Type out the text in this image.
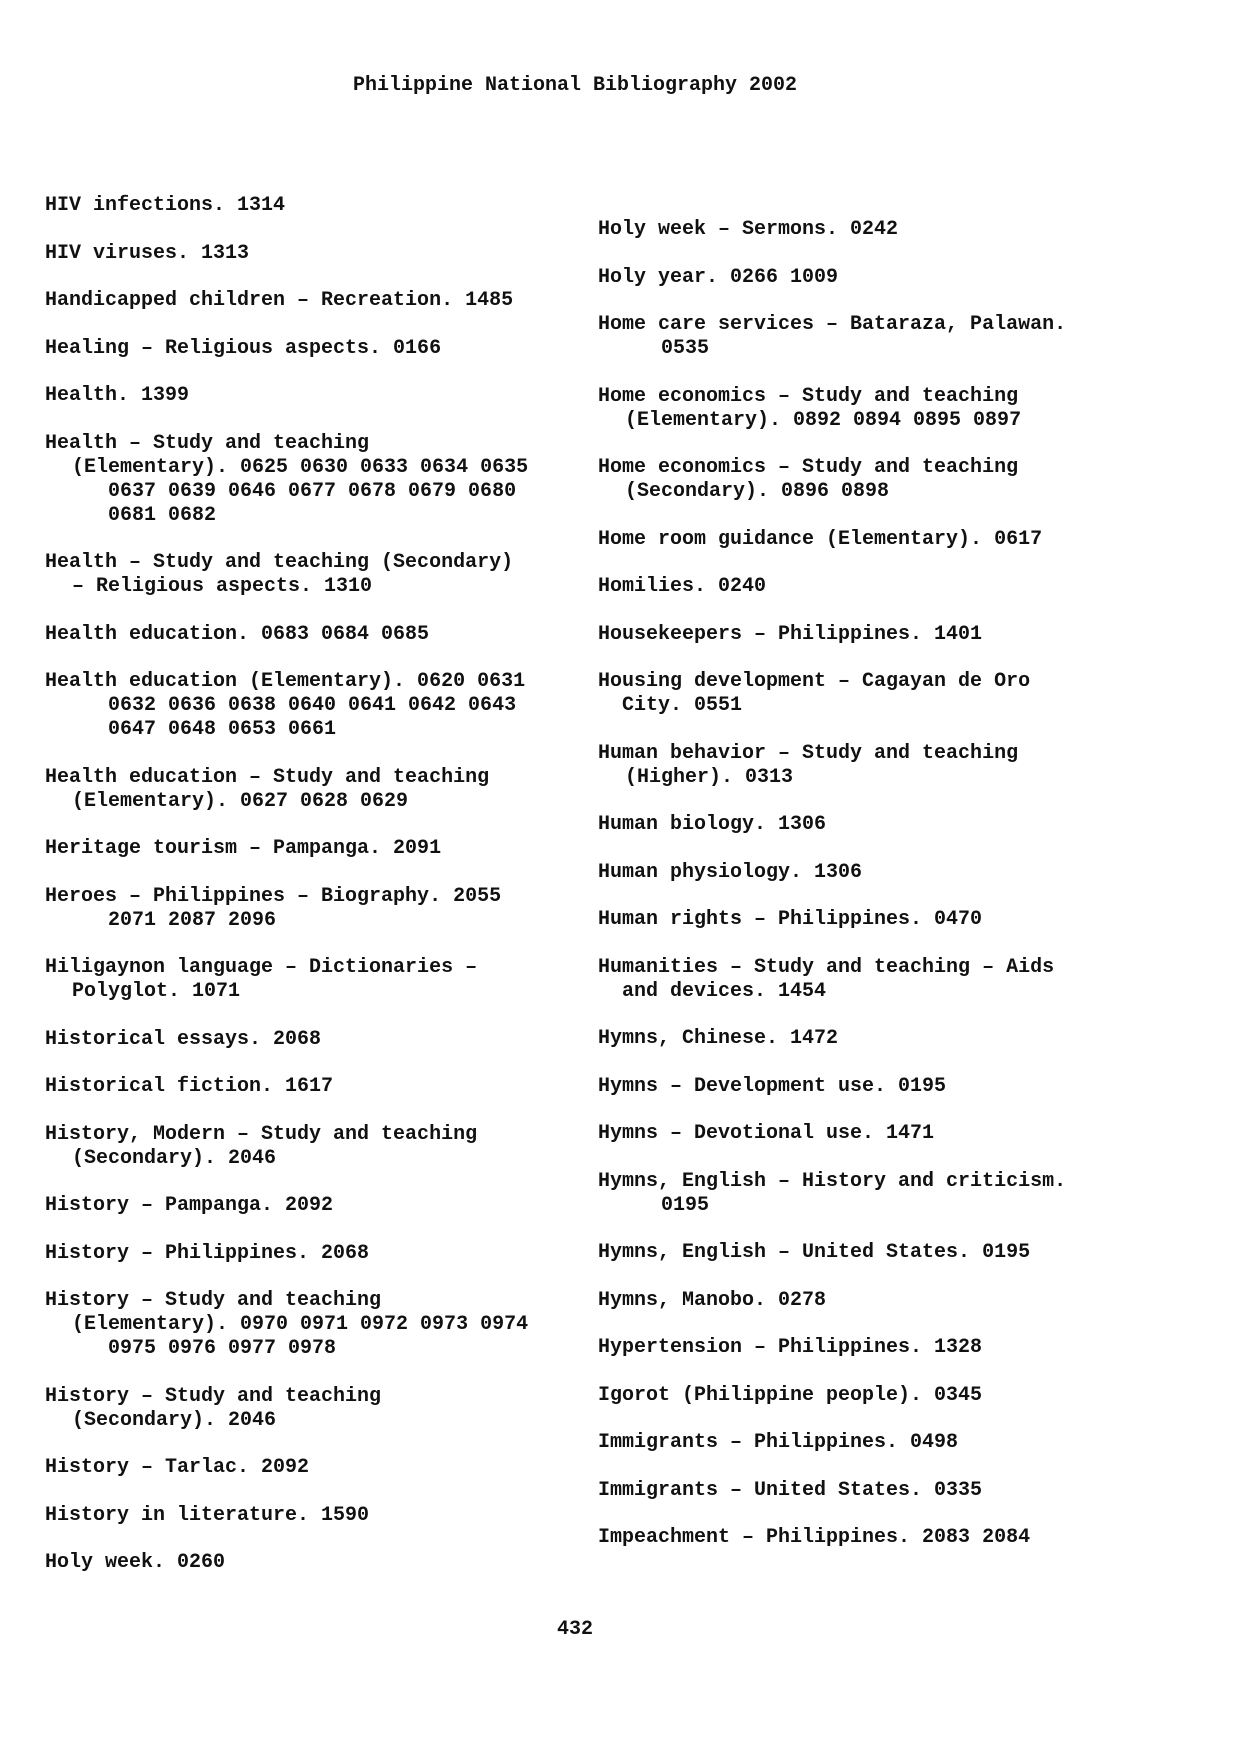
Philippine National Bibliography 2002
HIV infections. 1314
HIV viruses. 1313
Handicapped children – Recreation. 1485
Healing – Religious aspects. 0166
Health. 1399
Health – Study and teaching
(Elementary). 0625 0630 0633 0634 0635
0637 0639 0646 0677 0678 0679 0680
0681 0682
Health – Study and teaching (Secondary)
– Religious aspects. 1310
Health education. 0683 0684 0685
Health education (Elementary). 0620 0631
0632 0636 0638 0640 0641 0642 0643
0647 0648 0653 0661
Health education – Study and teaching
(Elementary). 0627 0628 0629
Heritage tourism – Pampanga. 2091
Heroes – Philippines – Biography. 2055
2071 2087 2096
Hiligaynon language – Dictionaries –
Polyglot. 1071
Historical essays. 2068
Historical fiction. 1617
History, Modern – Study and teaching
(Secondary). 2046
History – Pampanga. 2092
History – Philippines. 2068
History – Study and teaching
(Elementary). 0970 0971 0972 0973 0974
0975 0976 0977 0978
History – Study and teaching
(Secondary). 2046
History – Tarlac. 2092
History in literature. 1590
Holy week. 0260
Holy week – Sermons. 0242
Holy year. 0266 1009
Home care services – Bataraza, Palawan.
0535
Home economics – Study and teaching
(Elementary). 0892 0894 0895 0897
Home economics – Study and teaching
(Secondary). 0896 0898
Home room guidance (Elementary). 0617
Homilies. 0240
Housekeepers – Philippines. 1401
Housing development – Cagayan de Oro
City. 0551
Human behavior – Study and teaching
(Higher). 0313
Human biology. 1306
Human physiology. 1306
Human rights – Philippines. 0470
Humanities – Study and teaching – Aids
and devices. 1454
Hymns, Chinese. 1472
Hymns – Development use. 0195
Hymns – Devotional use. 1471
Hymns, English – History and criticism.
0195
Hymns, English – United States. 0195
Hymns, Manobo. 0278
Hypertension – Philippines. 1328
Igorot (Philippine people). 0345
Immigrants – Philippines. 0498
Immigrants – United States. 0335
Impeachment – Philippines. 2083 2084
432
